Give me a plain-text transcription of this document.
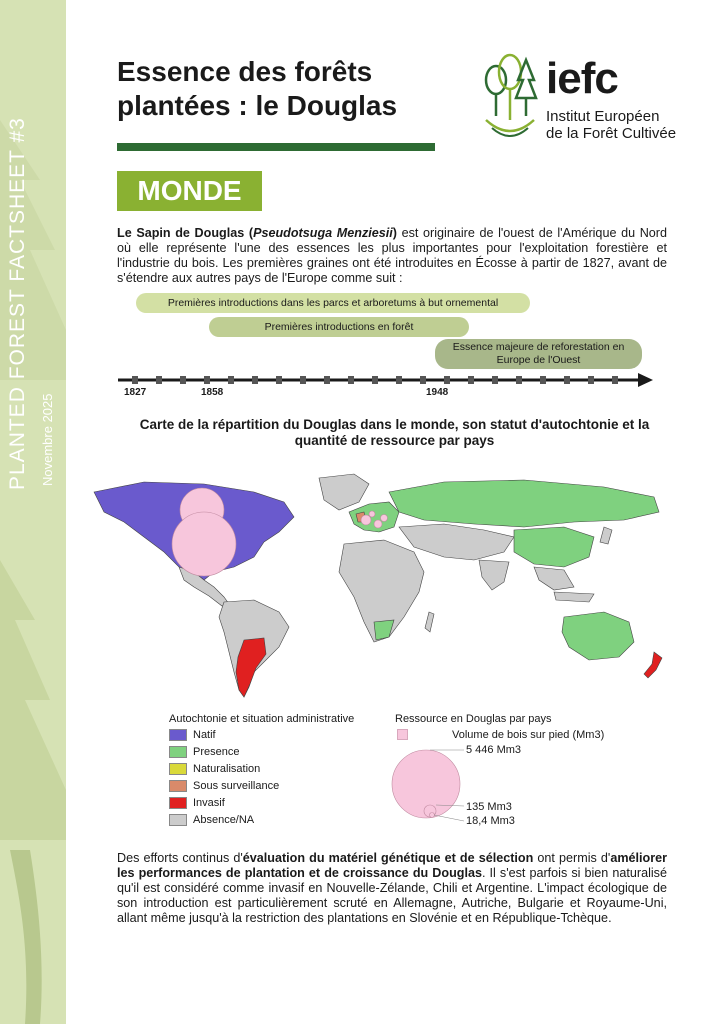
PLANTED FOREST FACTSHEET #3 Novembre 2025
Essence des forêts
plantées : le Douglas
iefc
Institut Européen
de la Forêt Cultivée
MONDE
Le Sapin de Douglas (Pseudotsuga Menziesii) est originaire de l'ouest de l'Amérique du Nord où elle représente l'une des essences les plus importantes pour l'exploitation forestière et l'industrie du bois. Les premières graines ont été introduites en Écosse à partir de 1827, avant de s'étendre aux autres pays de l'Europe comme suit :
Premières introductions dans les parcs et arboretums à but ornemental
Premières introductions en forêt
Essence majeure de reforestation en
Europe de l'Ouest
1827	1858	1948
Carte de la répartition du Douglas dans le monde, son statut d'autochtonie et la quantité de ressource par pays
Autochtonie et situation administrative
Natif
Presence
Naturalisation
Sous surveillance
Invasif
Absence/NA
Ressource en Douglas par pays
Volume de bois sur pied (Mm3)
5 446 Mm3
135 Mm3
18,4 Mm3
Des efforts continus d'évaluation du matériel génétique et de sélection ont permis d'améliorer les performances de plantation et de croissance du Douglas. Il s'est parfois si bien naturalisé qu'il est considéré comme invasif en Nouvelle-Zélande, Chili et Argentine. L'impact écologique de son introduction est particulièrement scruté en Allemagne, Autriche, Bulgarie et Royaume-Uni, allant même jusqu'à la restriction des plantations en Slovénie et en République-Tchèque.
